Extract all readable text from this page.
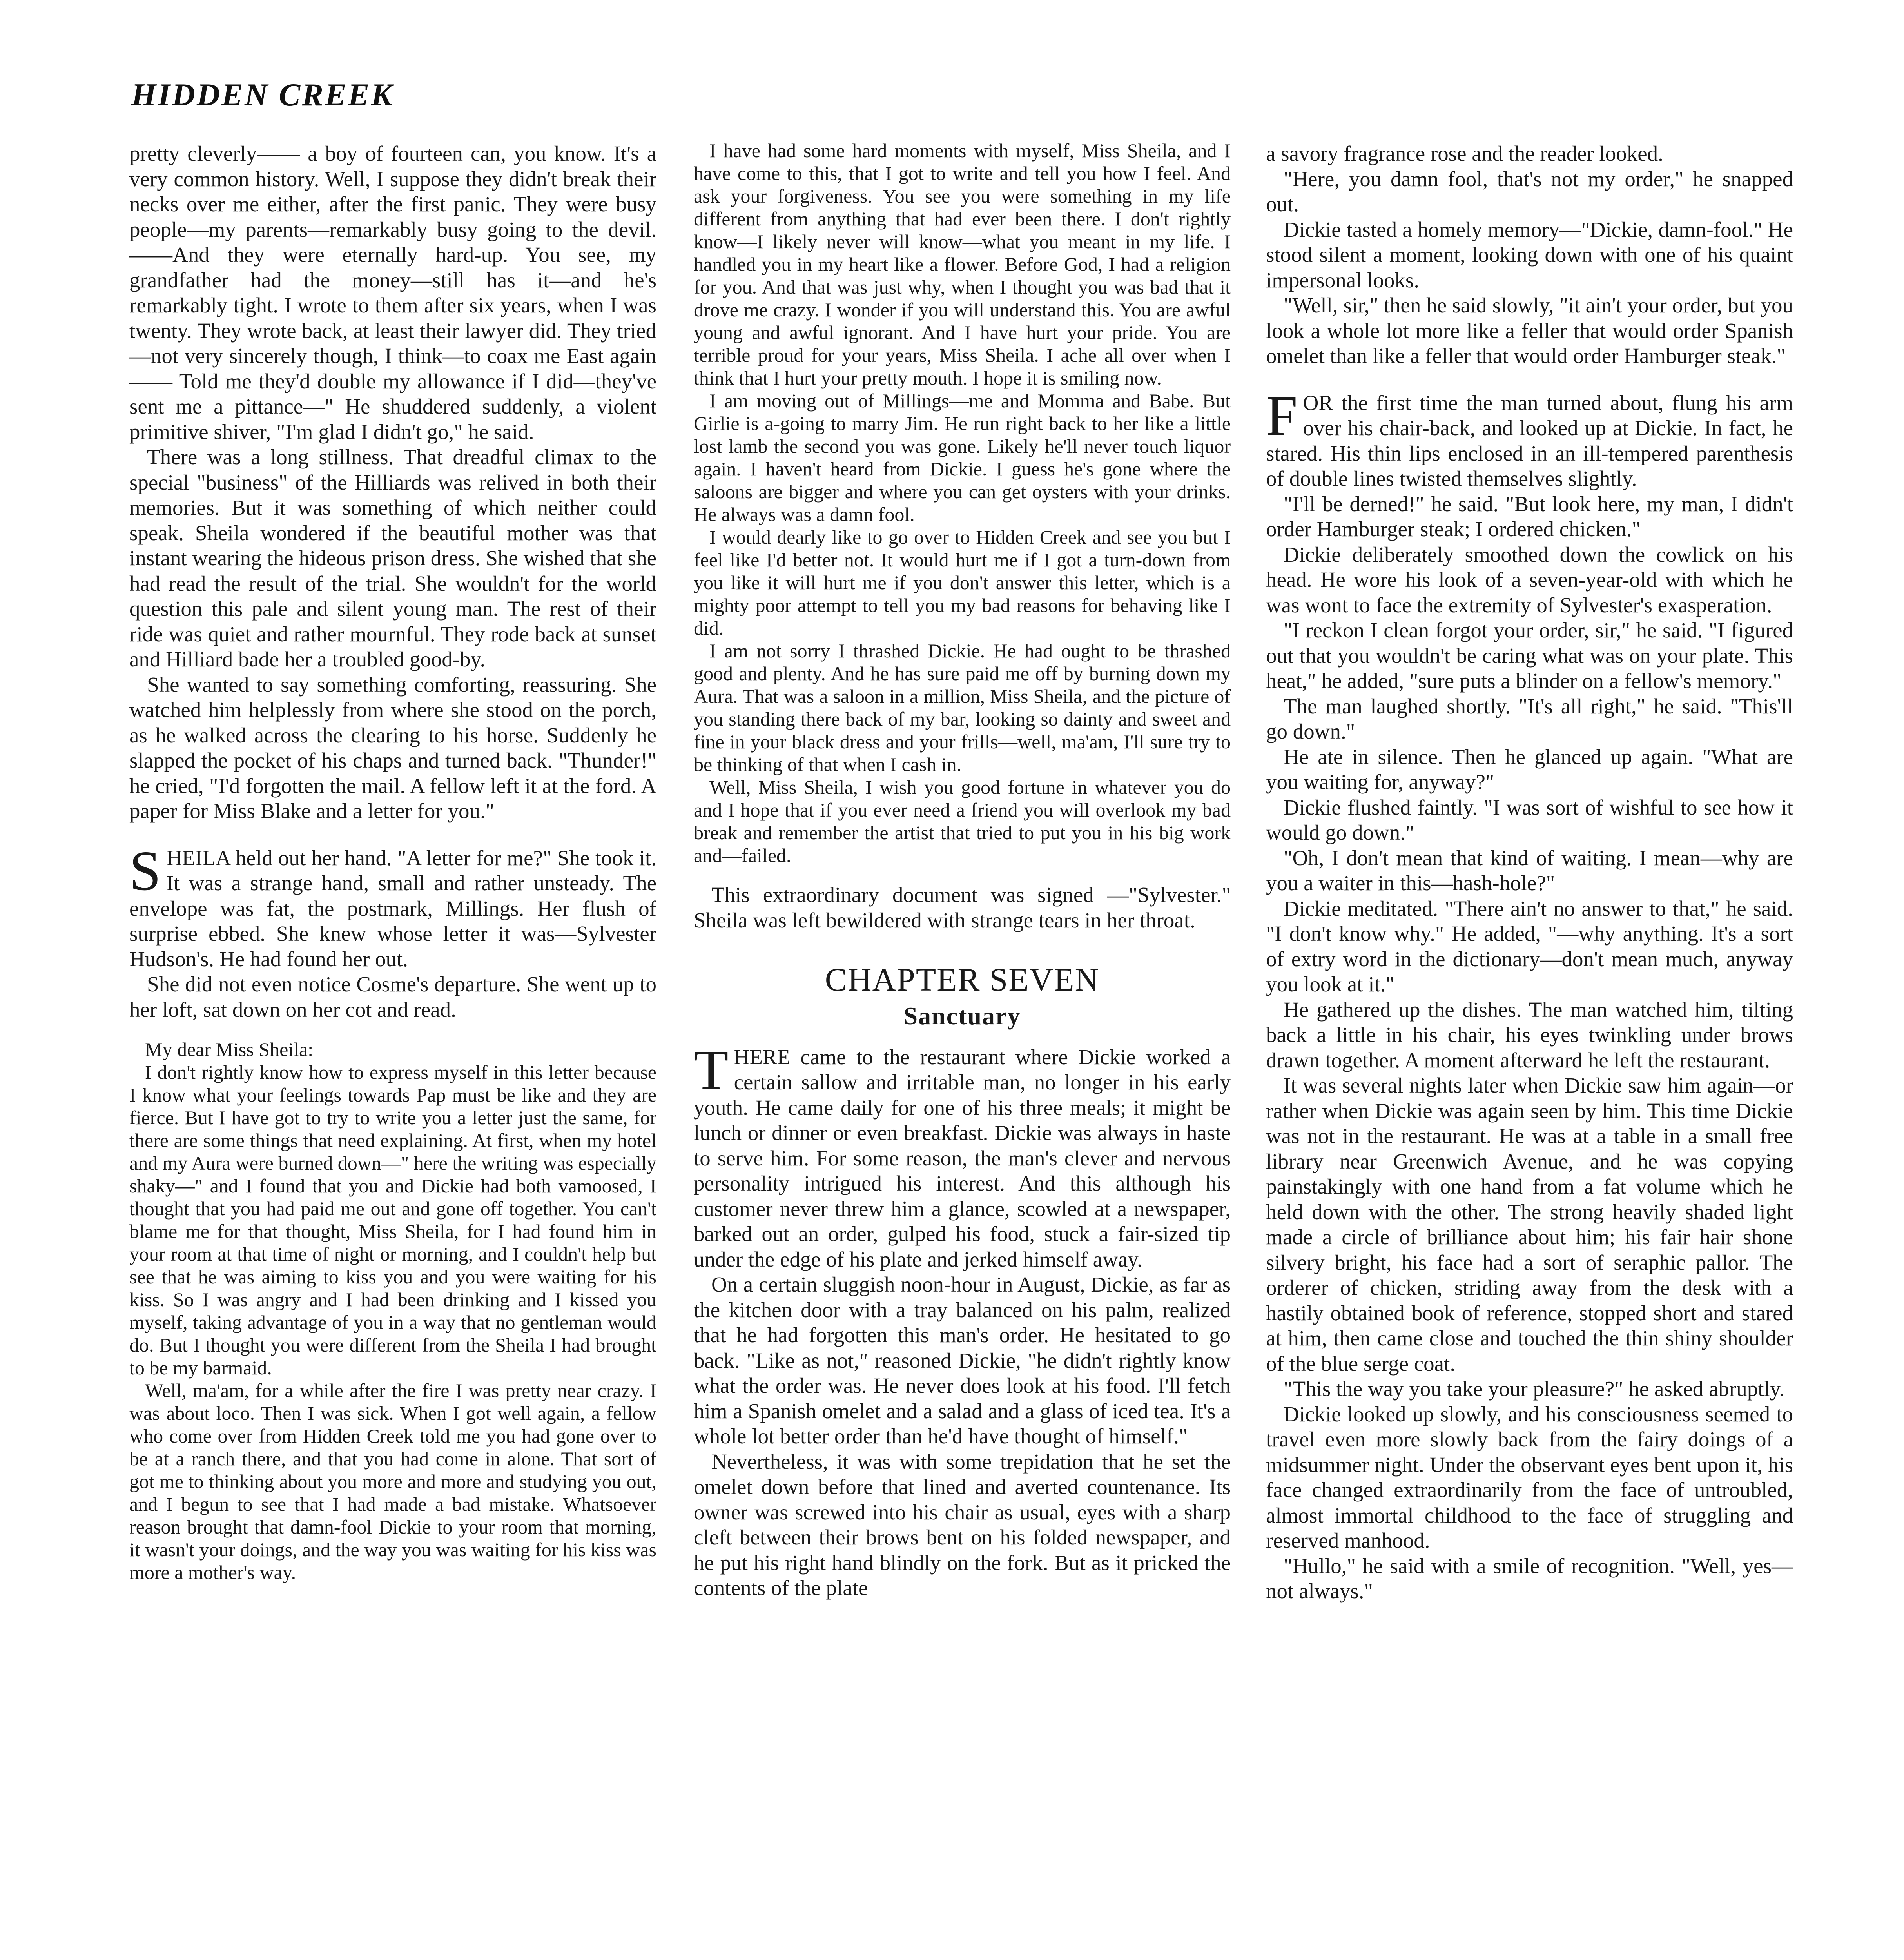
HIDDEN CREEK

pretty cleverly—— a boy of fourteen can, you know. It's a very common history. Well, I suppose they didn't break their necks over me either, after the first panic. They were busy people—my parents—remarkably busy going to the devil. ——And they were eternally hard-up. You see, my grandfather had the money—still has it—and he's remarkably tight. I wrote to them after six years, when I was twenty. They wrote back, at least their lawyer did. They tried—not very sincerely though, I think—to coax me East again—— Told me they'd double my allowance if I did—they've sent me a pittance—" He shuddered suddenly, a violent primitive shiver, "I'm glad I didn't go," he said.

There was a long stillness. That dreadful climax to the special "business" of the Hilliards was relived in both their memories. But it was something of which neither could speak. Sheila wondered if the beautiful mother was that instant wearing the hideous prison dress. She wished that she had read the result of the trial. She wouldn't for the world question this pale and silent young man. The rest of their ride was quiet and rather mournful. They rode back at sunset and Hilliard bade her a troubled good-by.

She wanted to say something comforting, reassuring. She watched him helplessly from where she stood on the porch, as he walked across the clearing to his horse. Suddenly he slapped the pocket of his chaps and turned back. "Thunder!" he cried, "I'd forgotten the mail. A fellow left it at the ford. A paper for Miss Blake and a letter for you."

SHEILA held out her hand. "A letter for me?" She took it. It was a strange hand, small and rather unsteady. The envelope was fat, the postmark, Millings. Her flush of surprise ebbed. She knew whose letter it was—Sylvester Hudson's. He had found her out.

She did not even notice Cosme's departure. She went up to her loft, sat down on her cot and read.

My dear Miss Sheila:

I don't rightly know how to express myself in this letter because I know what your feelings towards Pap must be like and they are fierce. But I have got to try to write you a letter just the same, for there are some things that need explaining. At first, when my hotel and my Aura were burned down—" here the writing was especially shaky—" and I found that you and Dickie had both vamoosed, I thought that you had paid me out and gone off together. You can't blame me for that thought, Miss Sheila, for I had found him in your room at that time of night or morning, and I couldn't help but see that he was aiming to kiss you and you were waiting for his kiss. So I was angry and I had been drinking and I kissed you myself, taking advantage of you in a way that no gentleman would do. But I thought you were different from the Sheila I had brought to be my barmaid.

Well, ma'am, for a while after the fire I was pretty near crazy. I was about loco. Then I was sick. When I got well again, a fellow who come over from Hidden Creek told me you had gone over to be at a ranch there, and that you had come in alone. That sort of got me to thinking about you more and more and studying you out, and I begun to see that I had made a bad mistake. Whatsoever reason brought that damn-fool Dickie to your room that morning, it wasn't your doings, and the way you was waiting for his kiss was more a mother's way.

I have had some hard moments with myself, Miss Sheila, and I have come to this, that I got to write and tell you how I feel. And ask your forgiveness. You see you were something in my life different from anything that had ever been there. I don't rightly know—I likely never will know—what you meant in my life. I handled you in my heart like a flower. Before God, I had a religion for you. And that was just why, when I thought you was bad that it drove me crazy. I wonder if you will understand this. You are awful young and awful ignorant. And I have hurt your pride. You are terrible proud for your years, Miss Sheila. I ache all over when I think that I hurt your pretty mouth. I hope it is smiling now.

I am moving out of Millings—me and Momma and Babe. But Girlie is a-going to marry Jim. He run right back to her like a little lost lamb the second you was gone. Likely he'll never touch liquor again. I haven't heard from Dickie. I guess he's gone where the saloons are bigger and where you can get oysters with your drinks. He always was a damn fool.

I would dearly like to go over to Hidden Creek and see you but I feel like I'd better not. It would hurt me if I got a turn-down from you like it will hurt me if you don't answer this letter, which is a mighty poor attempt to tell you my bad reasons for behaving like I did.

I am not sorry I thrashed Dickie. He had ought to be thrashed good and plenty. And he has sure paid me off by burning down my Aura. That was a saloon in a million, Miss Sheila, and the picture of you standing there back of my bar, looking so dainty and sweet and fine in your black dress and your frills—well, ma'am, I'll sure try to be thinking of that when I cash in.

Well, Miss Sheila, I wish you good fortune in whatever you do and I hope that if you ever need a friend you will overlook my bad break and remember the artist that tried to put you in his big work and—failed.

This extraordinary document was signed —"Sylvester." Sheila was left bewildered with strange tears in her throat.

CHAPTER SEVEN
Sanctuary

THERE came to the restaurant where Dickie worked a certain sallow and irritable man, no longer in his early youth. He came daily for one of his three meals; it might be lunch or dinner or even breakfast. Dickie was always in haste to serve him. For some reason, the man's clever and nervous personality intrigued his interest. And this although his customer never threw him a glance, scowled at a newspaper, barked out an order, gulped his food, stuck a fair-sized tip under the edge of his plate and jerked himself away.

On a certain sluggish noon-hour in August, Dickie, as far as the kitchen door with a tray balanced on his palm, realized that he had forgotten this man's order. He hesitated to go back. "Like as not," reasoned Dickie, "he didn't rightly know what the order was. He never does look at his food. I'll fetch him a Spanish omelet and a salad and a glass of iced tea. It's a whole lot better order than he'd have thought of himself."

Nevertheless, it was with some trepidation that he set the omelet down before that lined and averted countenance. Its owner was screwed into his chair as usual, eyes with a sharp cleft between their brows bent on his folded newspaper, and he put his right hand blindly on the fork. But as it pricked the contents of the plate

a savory fragrance rose and the reader looked.

"Here, you damn fool, that's not my order," he snapped out.

Dickie tasted a homely memory—"Dickie, damn-fool." He stood silent a moment, looking down with one of his quaint impersonal looks.

"Well, sir," then he said slowly, "it ain't your order, but you look a whole lot more like a feller that would order Spanish omelet than like a feller that would order Hamburger steak."

FOR the first time the man turned about, flung his arm over his chair-back, and looked up at Dickie. In fact, he stared. His thin lips enclosed in an ill-tempered parenthesis of double lines twisted themselves slightly.

"I'll be derned!" he said. "But look here, my man, I didn't order Hamburger steak; I ordered chicken."

Dickie deliberately smoothed down the cowlick on his head. He wore his look of a seven-year-old with which he was wont to face the extremity of Sylvester's exasperation.

"I reckon I clean forgot your order, sir," he said. "I figured out that you wouldn't be caring what was on your plate. This heat," he added, "sure puts a blinder on a fellow's memory."

The man laughed shortly. "It's all right," he said. "This'll go down."

He ate in silence. Then he glanced up again. "What are you waiting for, anyway?"

Dickie flushed faintly. "I was sort of wishful to see how it would go down."

"Oh, I don't mean that kind of waiting. I mean—why are you a waiter in this—hash-hole?"

Dickie meditated. "There ain't no answer to that," he said. "I don't know why." He added, "—why anything. It's a sort of extry word in the dictionary—don't mean much, anyway you look at it."

He gathered up the dishes. The man watched him, tilting back a little in his chair, his eyes twinkling under brows drawn together. A moment afterward he left the restaurant.

It was several nights later when Dickie saw him again—or rather when Dickie was again seen by him. This time Dickie was not in the restaurant. He was at a table in a small free library near Greenwich Avenue, and he was copying painstakingly with one hand from a fat volume which he held down with the other. The strong heavily shaded light made a circle of brilliance about him; his fair hair shone silvery bright, his face had a sort of seraphic pallor. The orderer of chicken, striding away from the desk with a hastily obtained book of reference, stopped short and stared at him, then came close and touched the thin shiny shoulder of the blue serge coat.

"This the way you take your pleasure?" he asked abruptly.

Dickie looked up slowly, and his consciousness seemed to travel even more slowly back from the fairy doings of a midsummer night. Under the observant eyes bent upon it, his face changed extraordinarily from the face of untroubled, almost immortal childhood to the face of struggling and reserved manhood.

"Hullo," he said with a smile of recognition. "Well, yes—not always."
